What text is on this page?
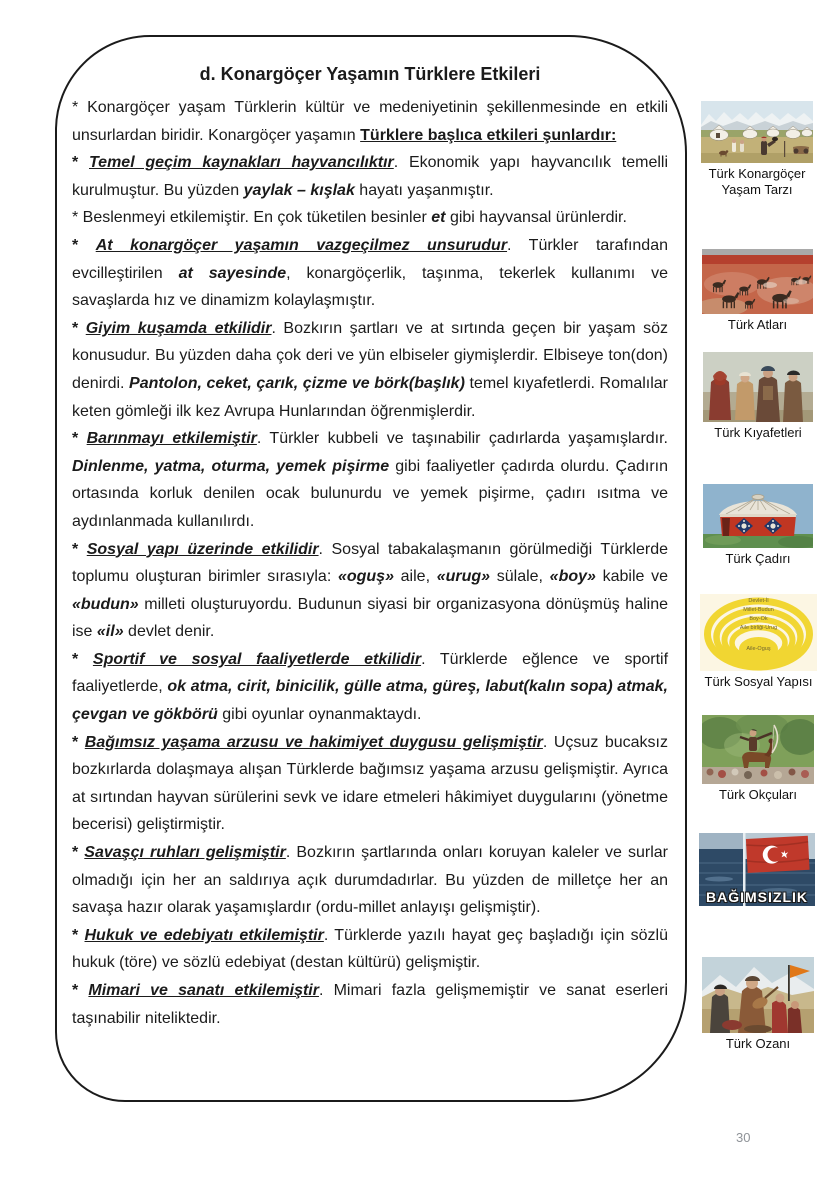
d. Konargöçer Yaşamın Türklere Etkileri

* Konargöçer yaşam Türklerin kültür ve medeniyetinin şekillenmesinde en etkili unsurlardan biridir. Konargöçer yaşamın Türklere başlıca etkileri şunlardır:

* Temel geçim kaynakları hayvancılıktır. Ekonomik yapı hayvancılık temelli kurulmuştur. Bu yüzden yaylak – kışlak hayatı yaşanmıştır.

* Beslenmeyi etkilemiştir. En çok tüketilen besinler et gibi hayvansal ürünlerdir.

* At konargöçer yaşamın vazgeçilmez unsurudur. Türkler tarafından evcilleştirilen at sayesinde, konargöçerlik, taşınma, tekerlek kullanımı ve savaşlarda hız ve dinamizm kolaylaşmıştır.

* Giyim kuşamda etkilidir. Bozkırın şartları ve at sırtında geçen bir yaşam söz konusudur. Bu yüzden daha çok deri ve yün elbiseler giymişlerdir. Elbiseye ton(don) denirdi. Pantolon, ceket, çarık, çizme ve börk(başlık) temel kıyafetlerdi. Romalılar keten gömleği ilk kez Avrupa Hunlarından öğrenmişlerdir.

* Barınmayı etkilemiştir. Türkler kubbeli ve taşınabilir çadırlarda yaşamışlardır. Dinlenme, yatma, oturma, yemek pişirme gibi faaliyetler çadırda olurdu. Çadırın ortasında korluk denilen ocak bulunurdu ve yemek pişirme, çadırı ısıtma ve aydınlanmada kullanılırdı.

* Sosyal yapı üzerinde etkilidir. Sosyal tabakalaşmanın görülmediği Türklerde toplumu oluşturan birimler sırasıyla: «oguş» aile, «urug» sülale, «boy» kabile ve «budun» milleti oluşturuyordu. Budunun siyasi bir organizasyona dönüşmüş haline ise «il» devlet denir.

* Sportif ve sosyal faaliyetlerde etkilidir. Türklerde eğlence ve sportif faaliyetlerde, ok atma, cirit, binicilik, gülle atma, güreş, labut(kalın sopa) atmak, çevgan ve gökbörü gibi oyunlar oynanmaktaydı.

* Bağımsız yaşama arzusu ve hakimiyet duygusu gelişmiştir. Uçsuz bucaksız bozkırlarda dolaşmaya alışan Türklerde bağımsız yaşama arzusu gelişmiştir. Ayrıca at sırtından hayvan sürülerini sevk ve idare etmeleri hâkimiyet duygularını (yönetme becerisi) geliştirmiştir.

* Savaşçı ruhları gelişmiştir. Bozkırın şartlarında onları koruyan kaleler ve surlar olmadığı için her an saldırıya açık durumdadırlar. Bu yüzden de milletçe her an savaşa hazır olarak yaşamışlardır (ordu-millet anlayışı gelişmiştir).

* Hukuk ve edebiyatı etkilemiştir. Türklerde yazılı hayat geç başladığı için sözlü hukuk (töre) ve sözlü edebiyat (destan kültürü) gelişmiştir.

* Mimari ve sanatı etkilemiştir. Mimari fazla gelişmemiştir ve sanat eserleri taşınabilir niteliktedir.

Türk Konargöçer Yaşam Tarzı
Türk Atları
Türk Kıyafetleri
Türk Çadırı
Devlet-İl
Millet-Budun
Boy-Ok
Aile birliği-Urug
Aile-Oguş
Türk Sosyal Yapısı
Türk Okçuları
BAĞIMSIZLIK
Türk Ozanı
30
